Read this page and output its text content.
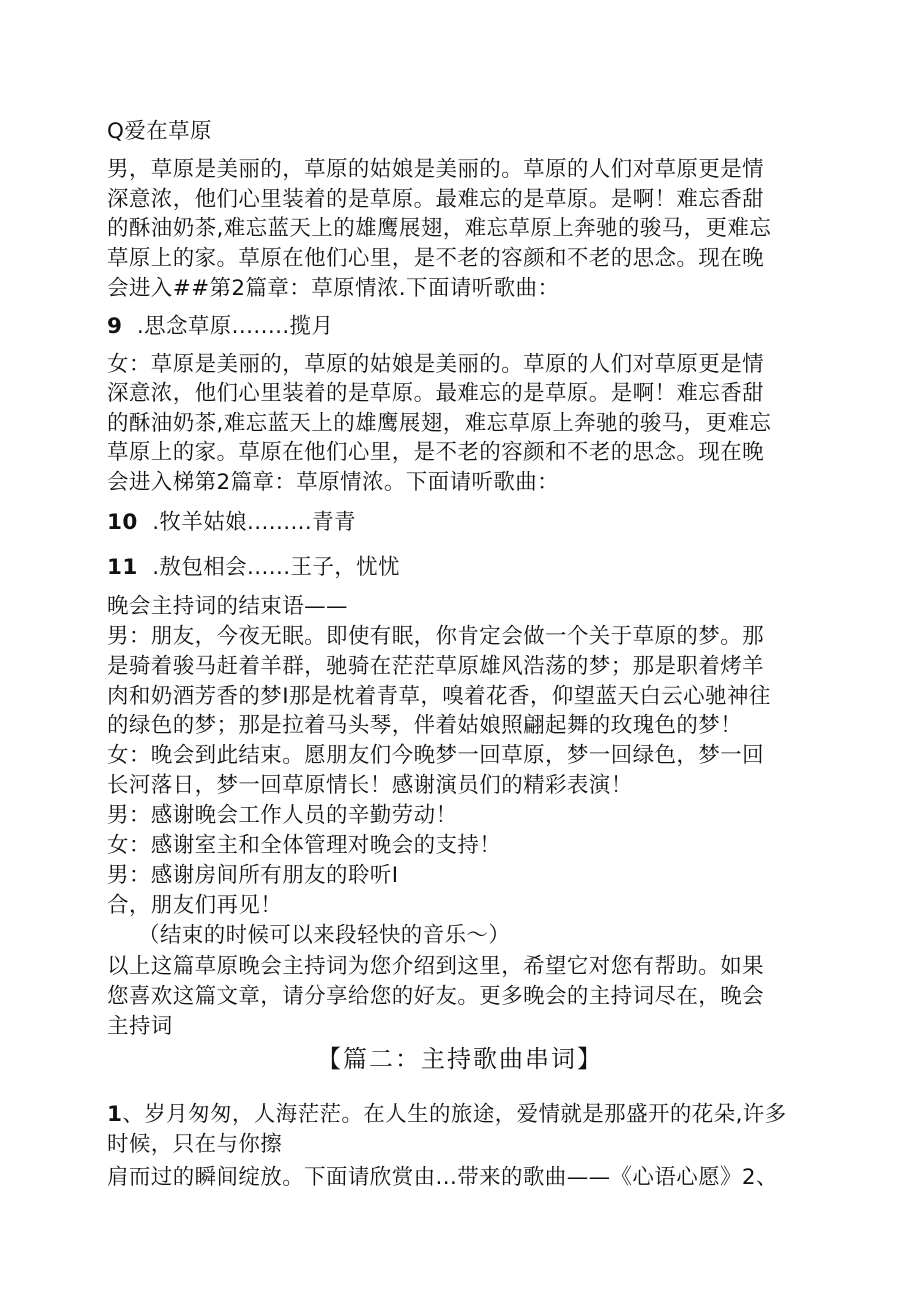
Q爱在草原

男，草原是美丽的，草原的姑娘是美丽的。草原的人们对草原更是情

深意浓，他们心里装着的是草原。最难忘的是草原。是啊！难忘香甜

的酥油奶茶,难忘蓝天上的雄鹰展翅，难忘草原上奔驰的骏马，更难忘

草原上的家。草原在他们心里，是不老的容颜和不老的思念。现在晚

会进入##第2篇章：草原情浓.下面请听歌曲：

9 .思念草原........揽月

女：草原是美丽的，草原的姑娘是美丽的。草原的人们对草原更是情

深意浓，他们心里装着的是草原。最难忘的是草原。是啊！难忘香甜

的酥油奶茶,难忘蓝天上的雄鹰展翅，难忘草原上奔驰的骏马，更难忘

草原上的家。草原在他们心里，是不老的容颜和不老的思念。现在晚

会进入梯第2篇章：草原情浓。下面请听歌曲：

10 .牧羊姑娘.........青青

11 .敖包相会......王子，忧忧

晚会主持词的结束语——

男：朋友，今夜无眠。即使有眠，你肯定会做一个关于草原的梦。那

是骑着骏马赶着羊群，驰骑在茫茫草原雄风浩荡的梦；那是职着烤羊

肉和奶酒芳香的梦I那是枕着青草，嗅着花香，仰望蓝天白云心驰神往

的绿色的梦；那是拉着马头琴，伴着姑娘照翩起舞的玫瑰色的梦！

女：晚会到此结束。愿朋友们今晚梦一回草原，梦一回绿色，梦一回

长河落日，梦一回草原情长！感谢演员们的精彩表演！

男：感谢晚会工作人员的辛勤劳动！

女：感谢室主和全体管理对晚会的支持！

男：感谢房间所有朋友的聆听I

合，朋友们再见！

（结束的时候可以来段轻快的音乐〜）

以上这篇草原晚会主持词为您介绍到这里，希望它对您有帮助。如果

您喜欢这篇文章，请分享给您的好友。更多晚会的主持词尽在，晚会

主持词

【篇二：主持歌曲串词】

1、岁月匆匆，人海茫茫。在人生的旅途，爱情就是那盛开的花朵,许多

时候，只在与你擦

肩而过的瞬间绽放。下面请欣赏由...带来的歌曲——《心语心愿》2、
